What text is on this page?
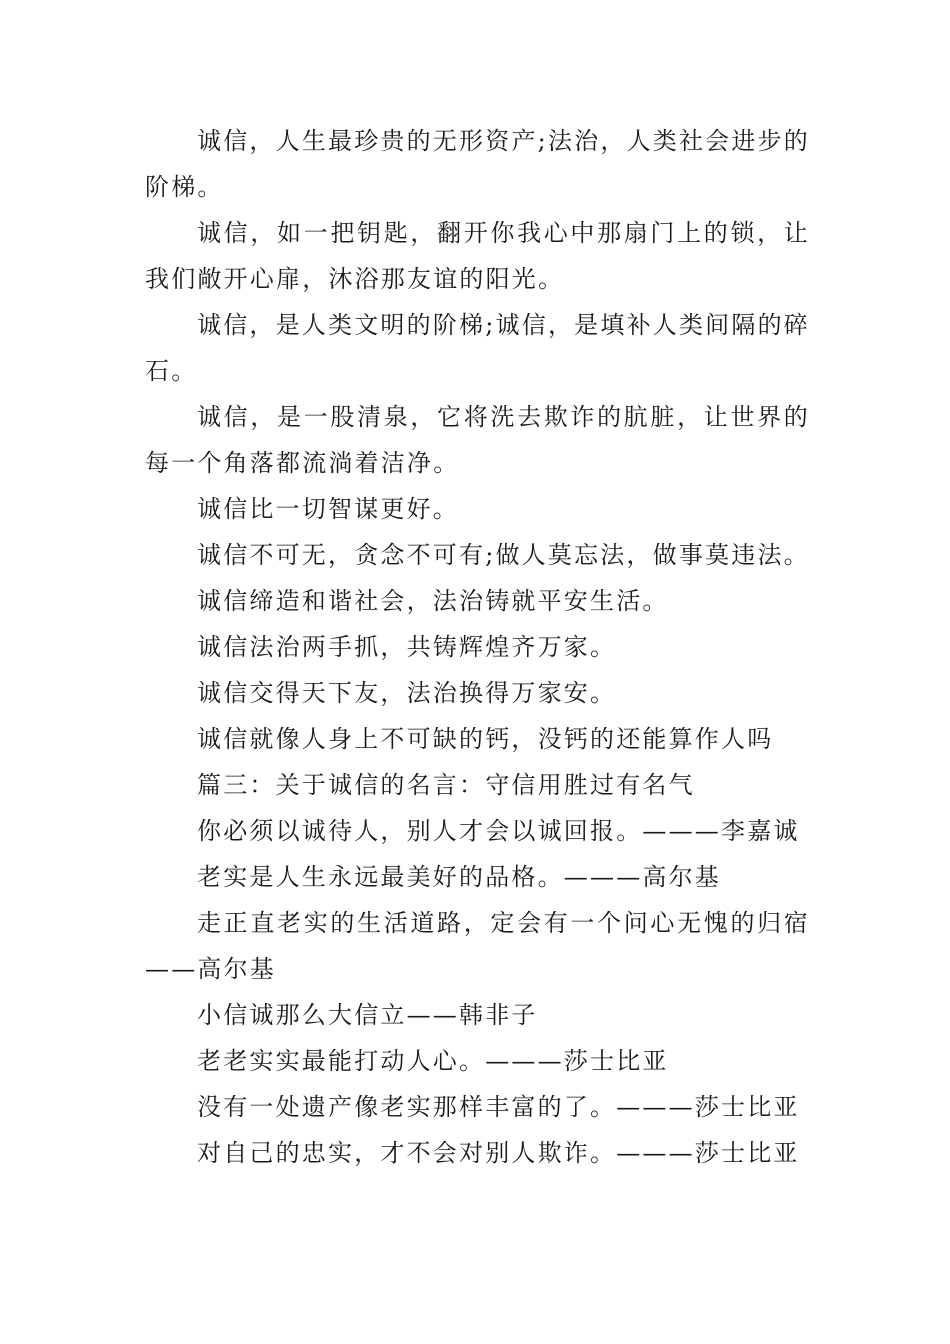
诚信，人生最珍贵的无形资产;法治，人类社会进步的阶梯。

诚信，如一把钥匙，翻开你我心中那扇门上的锁，让我们敞开心扉，沐浴那友谊的阳光。

诚信，是人类文明的阶梯;诚信，是填补人类间隔的碎石。

诚信，是一股清泉，它将洗去欺诈的肮脏，让世界的每一个角落都流淌着洁净。

诚信比一切智谋更好。

诚信不可无，贪念不可有;做人莫忘法，做事莫违法。

诚信缔造和谐社会，法治铸就平安生活。

诚信法治两手抓，共铸辉煌齐万家。

诚信交得天下友，法治换得万家安。

诚信就像人身上不可缺的钙，没钙的还能算作人吗

篇三：关于诚信的名言：守信用胜过有名气

你必须以诚待人，别人才会以诚回报。———李嘉诚

老实是人生永远最美好的品格。———高尔基

走正直老实的生活道路，定会有一个问心无愧的归宿——高尔基

小信诚那么大信立——韩非子

老老实实最能打动人心。———莎士比亚

没有一处遗产像老实那样丰富的了。———莎士比亚

对自己的忠实，才不会对别人欺诈。———莎士比亚
